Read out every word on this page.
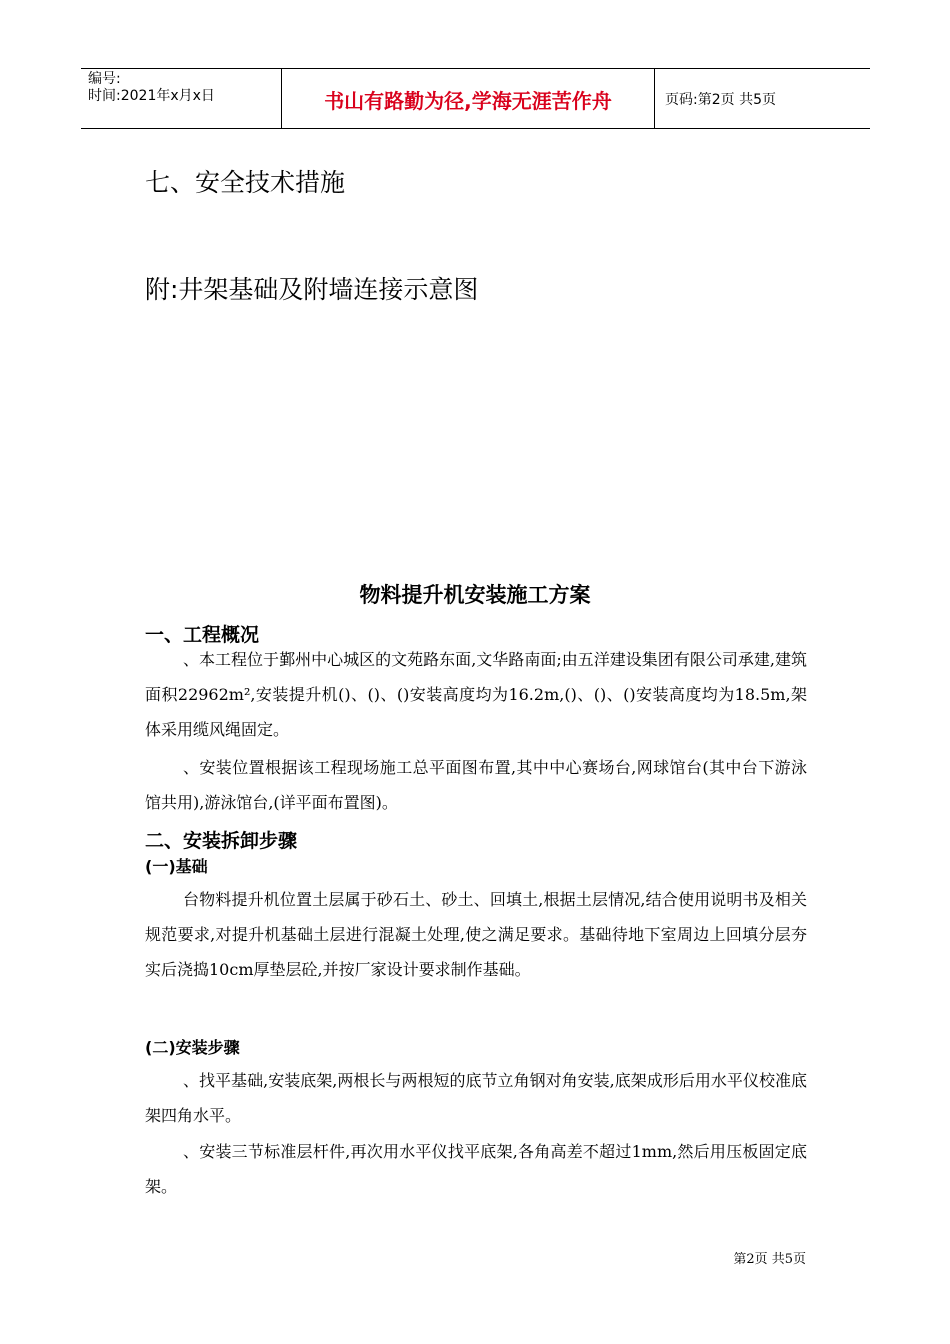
编号:
时间:2021年x月x日	书山有路勤为径,学海无涯苦作舟	页码:第2页 共5页
七、安全技术措施
附:井架基础及附墙连接示意图
物料提升机安装施工方案
一、工程概况

、本工程位于鄞州中心城区的文苑路东面,文华路南面;由五洋建设集团有限公司承建,建筑面积22962m²,安装提升机()、()、()安装高度均为16.2m,()、()、()安装高度均为18.5m,架体采用缆风绳固定。

、安装位置根据该工程现场施工总平面图布置,其中中心赛场台,网球馆台(其中台下游泳馆共用),游泳馆台,(详平面布置图)。

二、安装拆卸步骤
(一)基础

台物料提升机位置土层属于砂石土、砂土、回填土,根据土层情况,结合使用说明书及相关规范要求,对提升机基础土层进行混凝土处理,使之满足要求。基础待地下室周边上回填分层夯实后浇捣10cm厚垫层砼,并按厂家设计要求制作基础。

(二)安装步骤

、找平基础,安装底架,两根长与两根短的底节立角钢对角安装,底架成形后用水平仪校准底架四角水平。

、安装三节标准层杆件,再次用水平仪找平底架,各角高差不超过1mm,然后用压板固定底架。

第2页 共5页
